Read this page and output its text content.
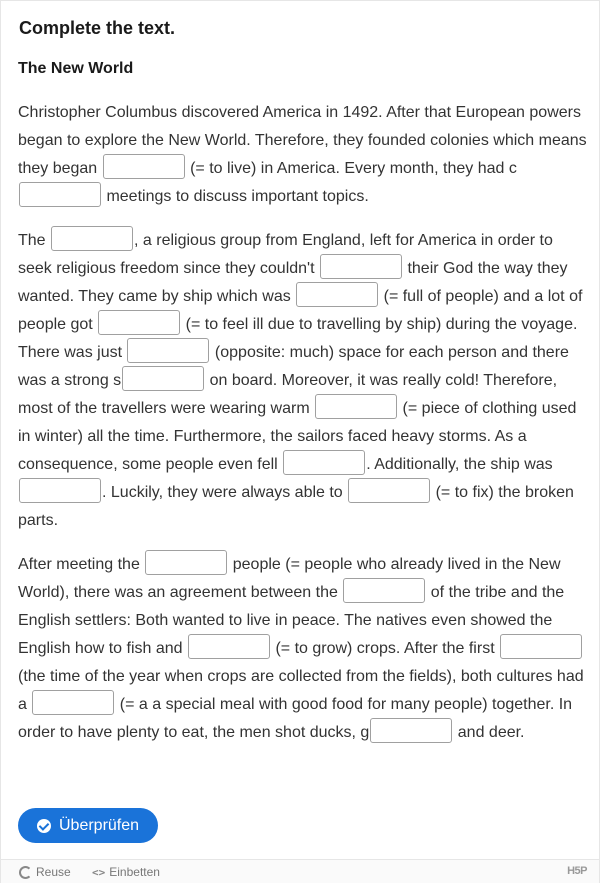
Complete the text.
The New World

Christopher Columbus discovered America in 1492. After that European powers began to explore the New World. Therefore, they founded colonies which means they began	(= to live) in America. Every month, they had c meetings to discuss important topics.

The	, a religious group from England, left for America in order to seek religious freedom since they couldn't	their God the way they wanted. They came by ship which was	(= full of people) and a lot of people got	(= to feel ill due to travelling by ship) during the voyage. There was just	(opposite: much) space for each person and there was a strong s	on board. Moreover, it was really cold! Therefore, most of the travellers were wearing warm	(= piece of clothing used in winter) all the time. Furthermore, the sailors faced heavy storms. As a consequence, some people even fell	. Additionally, the ship was . Luckily, they were always able to	(= to fix) the broken parts.

After meeting the	people (= people who already lived in the New World), there was an agreement between the	of the tribe and the English settlers: Both wanted to live in peace. The natives even showed the English how to fish and	(= to grow) crops. After the first  (the time of the year when crops are collected from the fields), both cultures had a	(= a a special meal with good food for many people) together. In order to have plenty to eat, the men shot ducks, g	and deer.

Überprüfen
Reuse <> Einbetten	H5P
